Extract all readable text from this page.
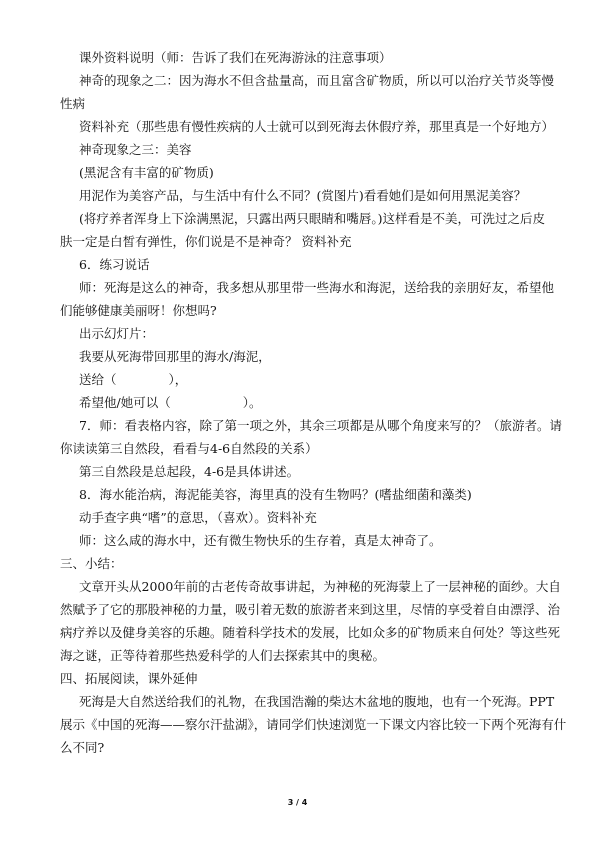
课外资料说明（师：告诉了我们在死海游泳的注意事项）
神奇的现象之二：因为海水不但含盐量高，而且富含矿物质，所以可以治疗关节炎等慢
性病
资料补充（那些患有慢性疾病的人士就可以到死海去休假疗养，那里真是一个好地方）
神奇现象之三：美容
(黑泥含有丰富的矿物质)
用泥作为美容产品，与生活中有什么不同？(赏图片)看看她们是如何用黑泥美容？
(将疗养者浑身上下涂满黑泥，只露出两只眼睛和嘴唇。)这样看是不美，可洗过之后皮
肤一定是白皙有弹性，你们说是不是神奇？ 资料补充
6．练习说话
师：死海是这么的神奇，我多想从那里带一些海水和海泥，送给我的亲朋好友，希望他
们能够健康美丽呀！你想吗?
出示幻灯片：
我要从死海带回那里的海水/海泥，
送给（	），
希望他/她可以（	）。
7．师：看表格内容，除了第一项之外，其余三项都是从哪个角度来写的？（旅游者。请
你读读第三自然段，看看与4-6自然段的关系）
第三自然段是总起段，4-6是具体讲述。
8．海水能治病，海泥能美容，海里真的没有生物吗？(嗜盐细菌和藻类)
动手查字典“嗜”的意思，（喜欢）。资料补充
师：这么咸的海水中，还有微生物快乐的生存着，真是太神奇了。
三、小结：
文章开头从2000年前的古老传奇故事讲起，为神秘的死海蒙上了一层神秘的面纱。大自
然赋予了它的那股神秘的力量，吸引着无数的旅游者来到这里，尽情的享受着自由漂浮、治
病疗养以及健身美容的乐趣。随着科学技术的发展，比如众多的矿物质来自何处？等这些死
海之谜，正等待着那些热爱科学的人们去探索其中的奥秘。
四、拓展阅读，课外延伸
死海是大自然送给我们的礼物，在我国浩瀚的柴达木盆地的腹地，也有一个死海。PPT
展示《中国的死海——察尔汗盐湖》，请同学们快速浏览一下课文内容比较一下两个死海有什
么不同?
3 / 4
